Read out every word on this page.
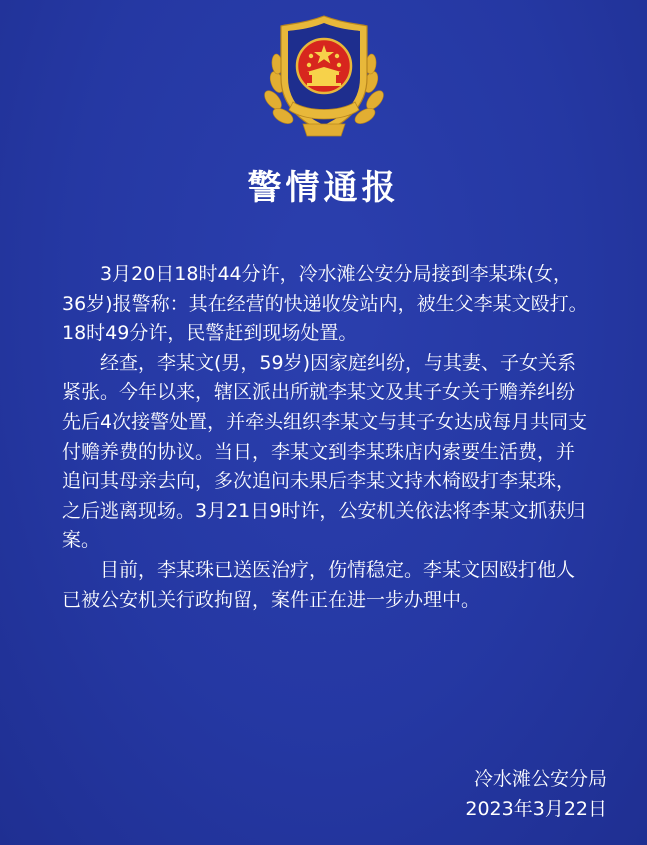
警情通报

3月20日18时44分许，冷水滩公安分局接到李某珠(女，36岁)报警称：其在经营的快递收发站内，被生父李某文殴打。18时49分许，民警赶到现场处置。

经查，李某文(男，59岁)因家庭纠纷，与其妻、子女关系紧张。今年以来，辖区派出所就李某文及其子女关于赡养纠纷先后4次接警处置，并牵头组织李某文与其子女达成每月共同支付赡养费的协议。当日，李某文到李某珠店内索要生活费，并追问其母亲去向，多次追问未果后李某文持木椅殴打李某珠，之后逃离现场。3月21日9时许，公安机关依法将李某文抓获归案。

目前，李某珠已送医治疗，伤情稳定。李某文因殴打他人已被公安机关行政拘留，案件正在进一步办理中。

冷水滩公安分局
2023年3月22日
